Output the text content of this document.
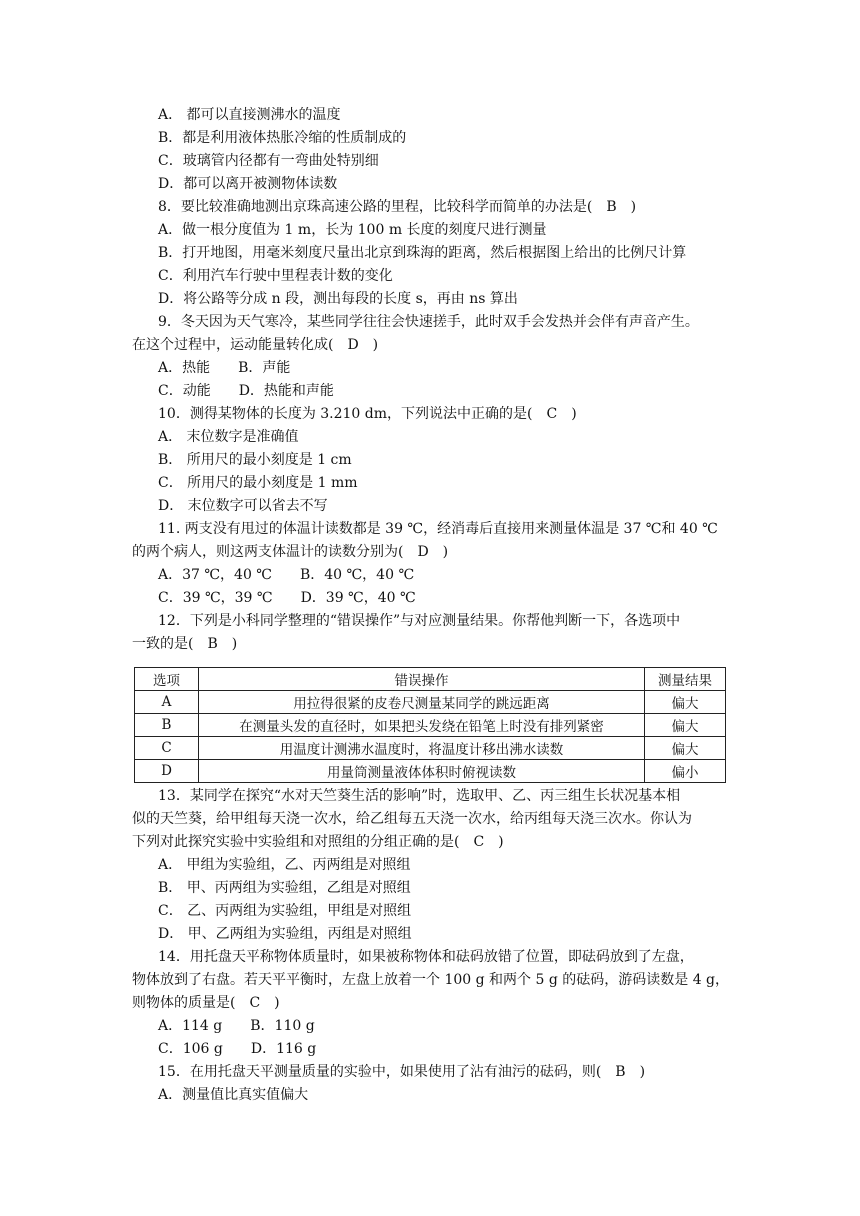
A． 都可以直接测沸水的温度
B．都是利用液体热胀冷缩的性质制成的
C．玻璃管内径都有一弯曲处特别细
D．都可以离开被测物体读数
8．要比较准确地测出京珠高速公路的里程，比较科学而简单的办法是(　B　)
A．做一根分度值为 1 m，长为 100 m 长度的刻度尺进行测量
B．打开地图，用毫米刻度尺量出北京到珠海的距离，然后根据图上给出的比例尺计算
C．利用汽车行驶中里程表计数的变化
D．将公路等分成 n 段，测出每段的长度 s，再由 ns 算出
9．冬天因为天气寒冷，某些同学往往会快速搓手，此时双手会发热并会伴有声音产生。
在这个过程中，运动能量转化成(　D　)
A．热能　　B．声能
C．动能　　D．热能和声能
10．测得某物体的长度为 3.210 dm，下列说法中正确的是(　C　)
A． 末位数字是准确值
B． 所用尺的最小刻度是 1 cm
C． 所用尺的最小刻度是 1 mm
D． 末位数字可以省去不写
11. 两支没有甩过的体温计读数都是 39 ℃，经消毒后直接用来测量体温是 37 ℃和 40 ℃
的两个病人，则这两支体温计的读数分别为(　D　)
A．37 ℃，40 ℃　　B．40 ℃，40 ℃
C．39 ℃，39 ℃　　D．39 ℃，40 ℃
12．下列是小科同学整理的“错误操作”与对应测量结果。你帮他判断一下，各选项中
一致的是(　B　)
选项	错误操作	测量结果
A	用拉得很紧的皮卷尺测量某同学的跳远距离	偏大
B	在测量头发的直径时，如果把头发绕在铅笔上时没有排列紧密	偏大
C	用温度计测沸水温度时，将温度计移出沸水读数	偏大
D	用量筒测量液体体积时俯视读数	偏小
13．某同学在探究“水对天竺葵生活的影响”时，选取甲、乙、丙三组生长状况基本相
似的天竺葵，给甲组每天浇一次水，给乙组每五天浇一次水，给丙组每天浇三次水。你认为
下列对此探究实验中实验组和对照组的分组正确的是(　C　)
A． 甲组为实验组，乙、丙两组是对照组
B． 甲、丙两组为实验组，乙组是对照组
C． 乙、丙两组为实验组，甲组是对照组
D． 甲、乙两组为实验组，丙组是对照组
14．用托盘天平称物体质量时，如果被称物体和砝码放错了位置，即砝码放到了左盘，
物体放到了右盘。若天平平衡时，左盘上放着一个 100 g 和两个 5 g 的砝码，游码读数是 4 g，
则物体的质量是(　C　)
A．114 g　　B．110 g
C．106 g　　D．116 g
15．在用托盘天平测量质量的实验中，如果使用了沾有油污的砝码，则(　B　)
A．测量值比真实值偏大
